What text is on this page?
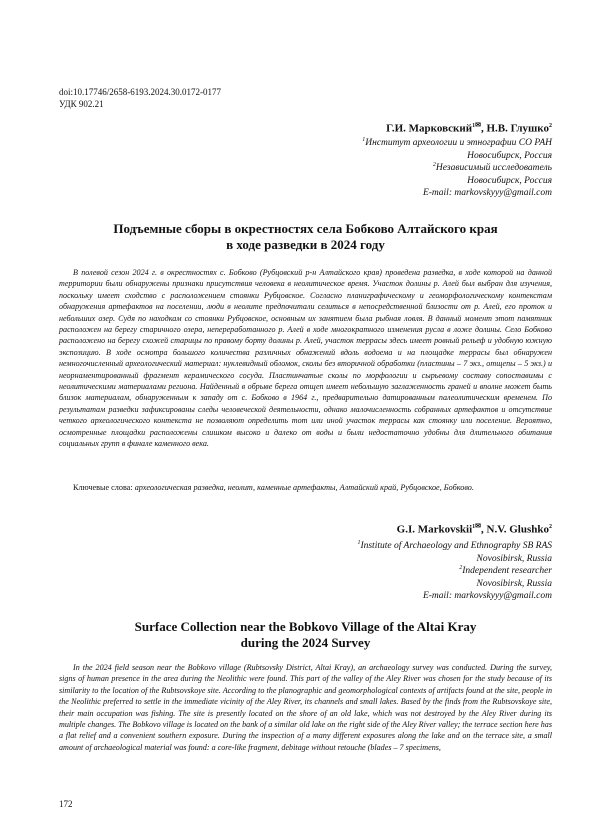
doi:10.17746/2658-6193.2024.30.0172-0177
УДК 902.21
Г.И. Марковский$^{1✉}$, Н.В. Глушко$^2$
$^1$Институт археологии и этнографии СО РАН
Новосибирск, Россия
$^2$Независимый исследователь
Новосибирск, Россия
E-mail: markovskyyy@gmail.com
Подъемные сборы в окрестностях села Бобково Алтайского края
в ходе разведки в 2024 году

В полевой сезон 2024 г. в окрестностях с. Бобково (Рубцовский р-н Алтайского края) проведена разведка, в ходе которой на данной территории были обнаружены признаки присутствия человека в неолитическое время. Участок долины р. Алей был выбран для изучения, поскольку имеет сходство с расположением стоянки Рубцовское. Согласно планиграфическому и геоморфологическому контекстам обнаружения артефактов на поселении, люди в неолите предпочитали селиться в непосредственной близости от р. Алей, его проток и небольших озер. Судя по находкам со стоянки Рубцовское, основным их занятием была рыбная ловля. В данный момент этот памятник расположен на берегу старичного озера, непереработанного р. Алей в ходе многократного изменения русла в ложе долины. Село Бобково расположено на берегу схожей старицы по правому борту долины р. Алей, участок террасы здесь имеет ровный рельеф и удобную южную экспозицию. В ходе осмотра большого количества различных обнажений вдоль водоема и на площадке террасы был обнаружен немногочисленный археологический материал: нуклевидный обломок, сколы без вторичной обработки (пластины – 7 экз., отщепы – 5 экз.) и неорнаментированный фрагмент керамического сосуда. Пластинчатые сколы по морфологии и сырьевому составу сопоставимы с неолитическими материалами региона. Найденный в обрыве берега отщеп имеет небольшую заглаженность граней и вполне может быть близок материалам, обнаруженным к западу от с. Бобково в 1964 г., предварительно датированным палеолитическим временем. По результатам разведки зафиксированы следы человеческой деятельности, однако малочисленность собранных артефактов и отсутствие четкого археологического контекста не позволяют определить тот или иной участок террасы как стоянку или поселение. Вероятно, осмотренные площадки расположены слишком высоко и далеко от воды и были недостаточно удобны для длительного обитания социальных групп в финале каменного века.

Ключевые слова: археологическая разведка, неолит, каменные артефакты, Алтайский край, Рубцовское, Бобково.
G.I. Markovskii$^{1✉}$, N.V. Glushko$^2$
$^1$Institute of Archaeology and Ethnography SB RAS
Novosibirsk, Russia
$^2$Independent researcher
Novosibirsk, Russia
E-mail: markovskyyy@gmail.com
Surface Collection near the Bobkovo Village of the Altai Kray
during the 2024 Survey

In the 2024 field season near the Bobkovo village (Rubtsovsky District, Altai Kray), an archaeology survey was conducted. During the survey, signs of human presence in the area during the Neolithic were found. This part of the valley of the Aley River was chosen for the study because of its similarity to the location of the Rubtsovskoye site. According to the planographic and geomorphological contexts of artifacts found at the site, people in the Neolithic preferred to settle in the immediate vicinity of the Aley River, its channels and small lakes. Based by the finds from the Rubtsovskoye site, their main occupation was fishing. The site is presently located on the shore of an old lake, which was not destroyed by the Aley River during its multiple changes. The Bobkovo village is located on the bank of a similar old lake on the right side of the Aley River valley; the terrace section here has a flat relief and a convenient southern exposure. During the inspection of a many different exposures along the lake and on the terrace site, a small amount of archaeological material was found: a core-like fragment, debitage without retouche (blades – 7 specimens,

172
